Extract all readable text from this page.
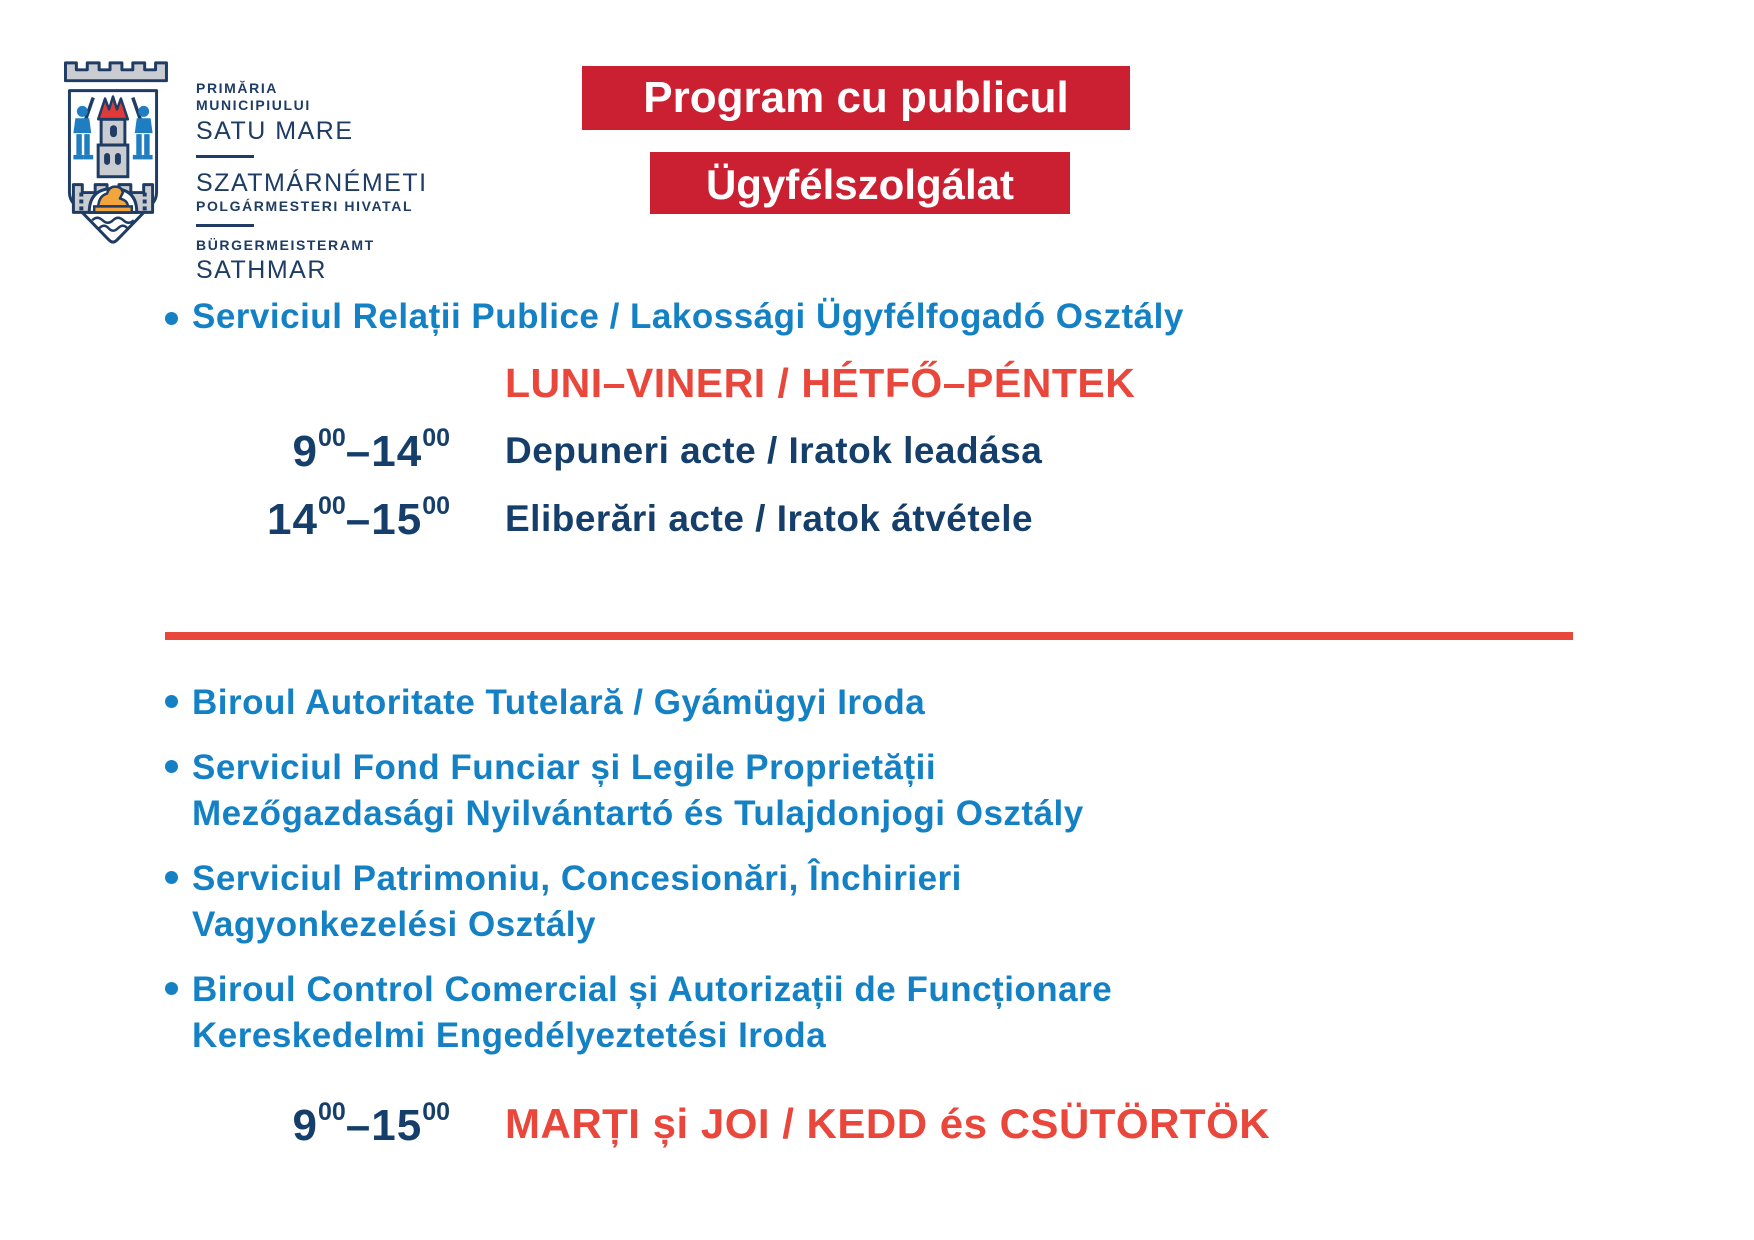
PRIMĂRIA
MUNICIPIULUI
SATU MARE
SZATMÁRNÉMETI
POLGÁRMESTERI HIVATAL
BÜRGERMEISTERAMT
SATHMAR
Program cu publicul
Ügyfélszolgálat
Serviciul Relații Publice / Lakossági Ügyfélfogadó Osztály
LUNI–VINERI / HÉTFŐ–PÉNTEK
$9^{00}-14^{00}$ Depuneri acte / Iratok leadása
$14^{00}-15^{00}$ Eliberări acte / Iratok átvétele
Biroul Autoritate Tutelară / Gyámügyi Iroda
Serviciul Fond Funciar și Legile Proprietății
Mezőgazdasági Nyilvántartó és Tulajdonjogi Osztály
Serviciul Patrimoniu, Concesionări, Închirieri
Vagyonkezelési Osztály
Biroul Control Comercial și Autorizații de Funcționare
Kereskedelmi Engedélyeztetési Iroda
$9^{00}-15^{00}$ MARȚI și JOI / KEDD és CSÜTÖRTÖK
